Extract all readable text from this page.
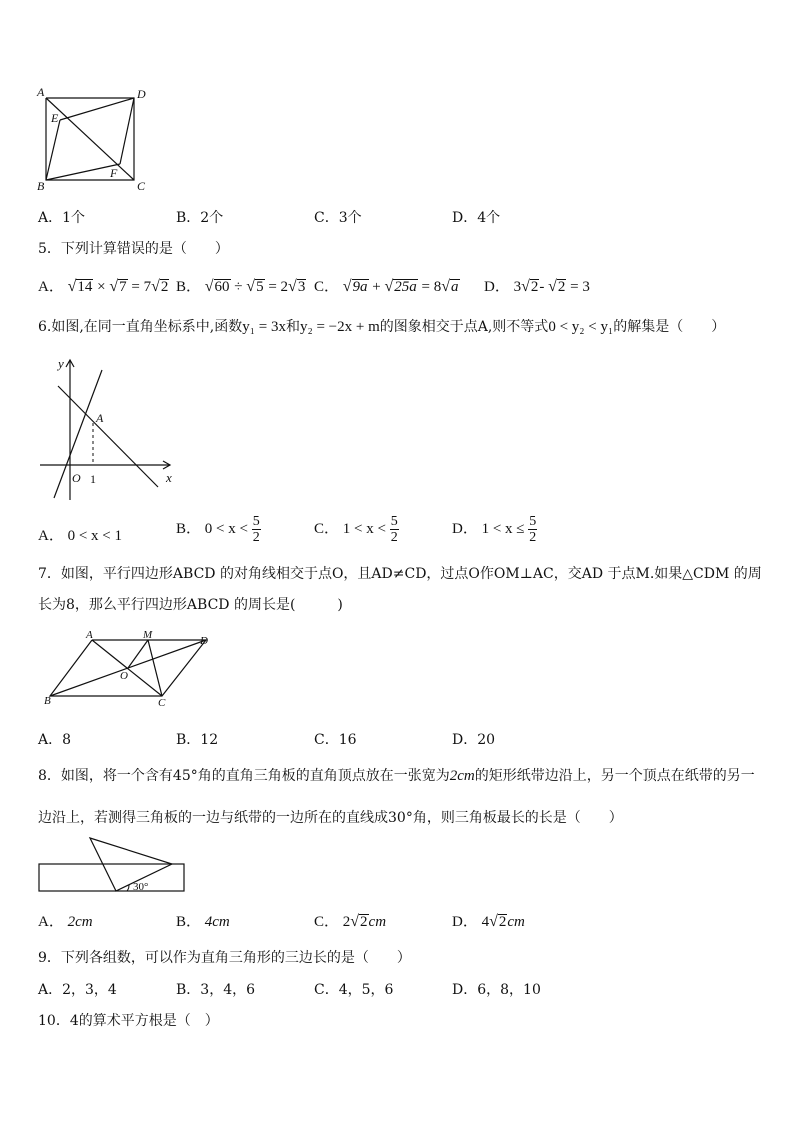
A	D
E
B
F
C
A．1个	B．2个	C．3个	D．4个
5．下列计算错误的是（　　）
A． √14 × √7 = 7√2 B． √60 ÷ √5 = 2√3 C． √9a + √25a = 8√a D． 3√2- √2 = 3
6.如图,在同一直角坐标系中,函数y₁ = 3x和y₂ = −2x + m的图象相交于点A,则不等式0 < y₂ < y₁的解集是（　　）
y
x
A
O 1
A． 0 < x < 1	B． $0 < x < \frac{5}{2}$	C． $1 < x < \frac{5}{2}$	D． $1 < x \le \frac{5}{2}$
7．如图，平行四边形ABCD 的对角线相交于点O，且AD≠CD，过点O作OM⊥AC，交AD 于点M.如果△CDM 的周
长为8，那么平行四边形ABCD 的周长是(　　　)
A	M	D
O
B	C
A．8	B．12	C．16	D．20
8．如图，将一个含有45°角的直角三角板的直角顶点放在一张宽为2cm的矩形纸带边沿上，另一个顶点在纸带的另一
边沿上，若测得三角板的一边与纸带的一边所在的直线成30°角，则三角板最长的长是（　　）
30°
A． 2cm	B． 4cm	C． 2√2cm	D． 4√2cm
9．下列各组数，可以作为直角三角形的三边长的是（　　）
A．2，3，4	B．3，4，6	C．4，5，6	D．6，8，10
10．4的算术平方根是（　）
